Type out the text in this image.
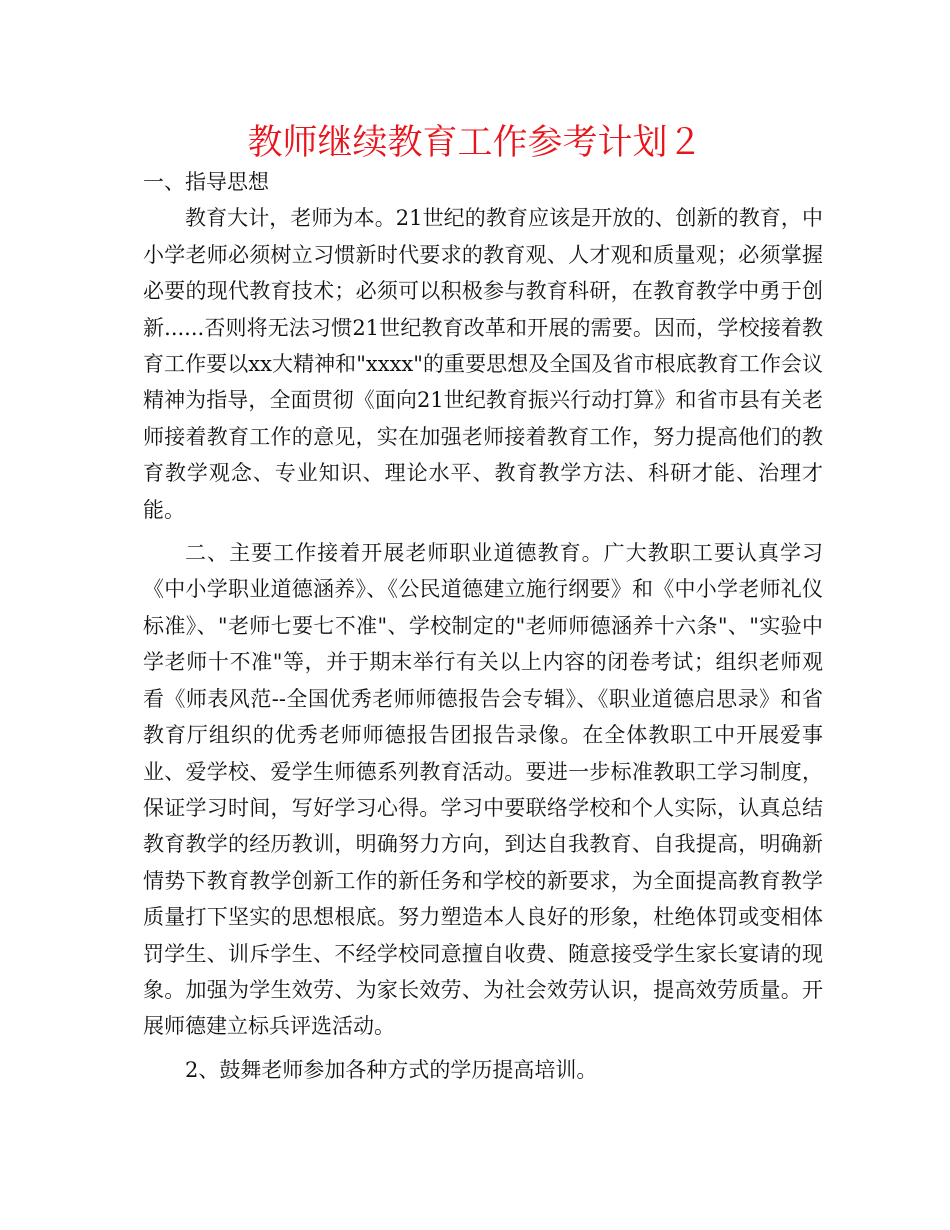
教师继续教育工作参考计划２

一、指导思想

教育大计，老师为本。21世纪的教育应该是开放的、创新的教育，中小学老师必须树立习惯新时代要求的教育观、人才观和质量观；必须掌握必要的现代教育技术；必须可以积极参与教育科研，在教育教学中勇于创新......否则将无法习惯21世纪教育改革和开展的需要。因而，学校接着教育工作要以xx大精神和"xxxx"的重要思想及全国及省市根底教育工作会议精神为指导，全面贯彻《面向21世纪教育振兴行动打算》和省市县有关老师接着教育工作的意见，实在加强老师接着教育工作，努力提高他们的教育教学观念、专业知识、理论水平、教育教学方法、科研才能、治理才能。

二、主要工作接着开展老师职业道德教育。广大教职工要认真学习《中小学职业道德涵养》、《公民道德建立施行纲要》和《中小学老师礼仪标准》、"老师七要七不准"、学校制定的"老师师德涵养十六条"、"实验中学老师十不准"等，并于期末举行有关以上内容的闭卷考试；组织老师观看《师表风范--全国优秀老师师德报告会专辑》、《职业道德启思录》和省教育厅组织的优秀老师师德报告团报告录像。在全体教职工中开展爱事业、爱学校、爱学生师德系列教育活动。要进一步标准教职工学习制度，保证学习时间，写好学习心得。学习中要联络学校和个人实际，认真总结教育教学的经历教训，明确努力方向，到达自我教育、自我提高，明确新情势下教育教学创新工作的新任务和学校的新要求，为全面提高教育教学质量打下坚实的思想根底。努力塑造本人良好的形象，杜绝体罚或变相体罚学生、训斥学生、不经学校同意擅自收费、随意接受学生家长宴请的现象。加强为学生效劳、为家长效劳、为社会效劳认识，提高效劳质量。开展师德建立标兵评选活动。

2、鼓舞老师参加各种方式的学历提高培训。
